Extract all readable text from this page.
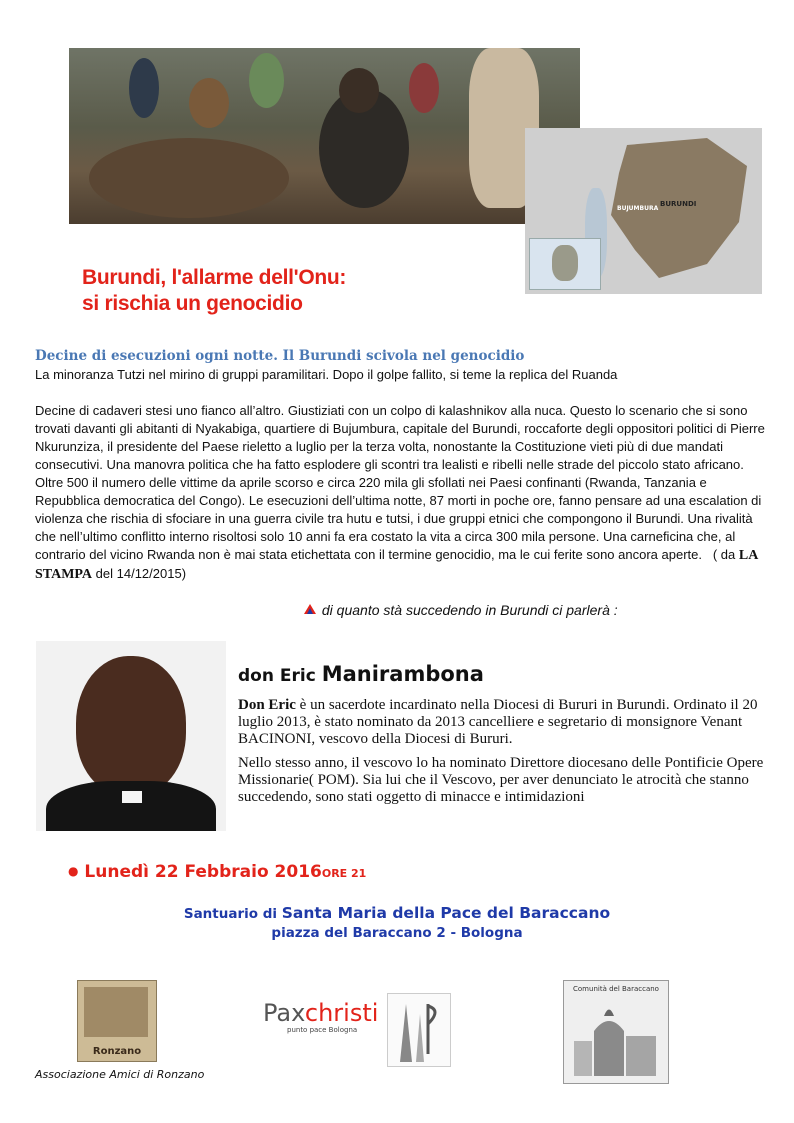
BURUNDI
BUJUMBURA
Burundi, l'allarme dell'Onu:
si rischia un genocidio
Decine di esecuzioni ogni notte. Il Burundi scivola nel genocidio
La minoranza Tutzi nel mirino di gruppi paramilitari. Dopo il golpe fallito, si teme la replica del Ruanda
Decine di cadaveri stesi uno fianco all’altro. Giustiziati con un colpo di kalashnikov alla nuca. Questo lo scenario che si sono trovati davanti gli abitanti di Nyakabiga, quartiere di Bujumbura, capitale del Burundi, roccaforte degli oppositori politici di Pierre Nkurunziza, il presidente del Paese rieletto a luglio per la terza volta, nonostante la Costituzione vieti più di due mandati consecutivi. Una manovra politica che ha fatto esplodere gli scontri tra lealisti e ribelli nelle strade del piccolo stato africano. Oltre 500 il numero delle vittime da aprile scorso e circa 220 mila gli sfollati nei Paesi confinanti (Rwanda, Tanzania e Repubblica democratica del Congo). Le esecuzioni dell’ultima notte, 87 morti in poche ore, fanno pensare ad una escalation di violenza che rischia di sfociare in una guerra civile tra hutu e tutsi, i due gruppi etnici che compongono il Burundi. Una rivalità che nell’ultimo conflitto interno risoltosi solo 10 anni fa era costato la vita a circa 300 mila persone. Una carneficina che, al contrario del vicino Rwanda non è mai stata etichettata con il termine genocidio, ma le cui ferite sono ancora aperte. ( da LA STAMPA del 14/12/2015)
di quanto stà succedendo in Burundi ci parlerà :
don Eric Manirambona
Don Eric è un sacerdote incardinato nella Diocesi di Bururi in Burundi. Ordinato il 20 luglio 2013, è stato nominato da 2013 cancelliere e segretario di monsignore Venant BACINONI, vescovo della Diocesi di Bururi.
Nello stesso anno, il vescovo lo ha nominato Direttore diocesano delle Pontificie Opere Missionarie( POM). Sia lui che il Vescovo, per aver denunciato le atrocità che stanno succedendo, sono stati oggetto di minacce e intimidazioni
● Lunedì 22 Febbraio 2016ORE 21
Santuario di Santa Maria della Pace del Baraccano
piazza del Baraccano 2 - Bologna
Ronzano
Associazione Amici di Ronzano
Paxchristi
punto pace Bologna
Comunità del Baraccano
